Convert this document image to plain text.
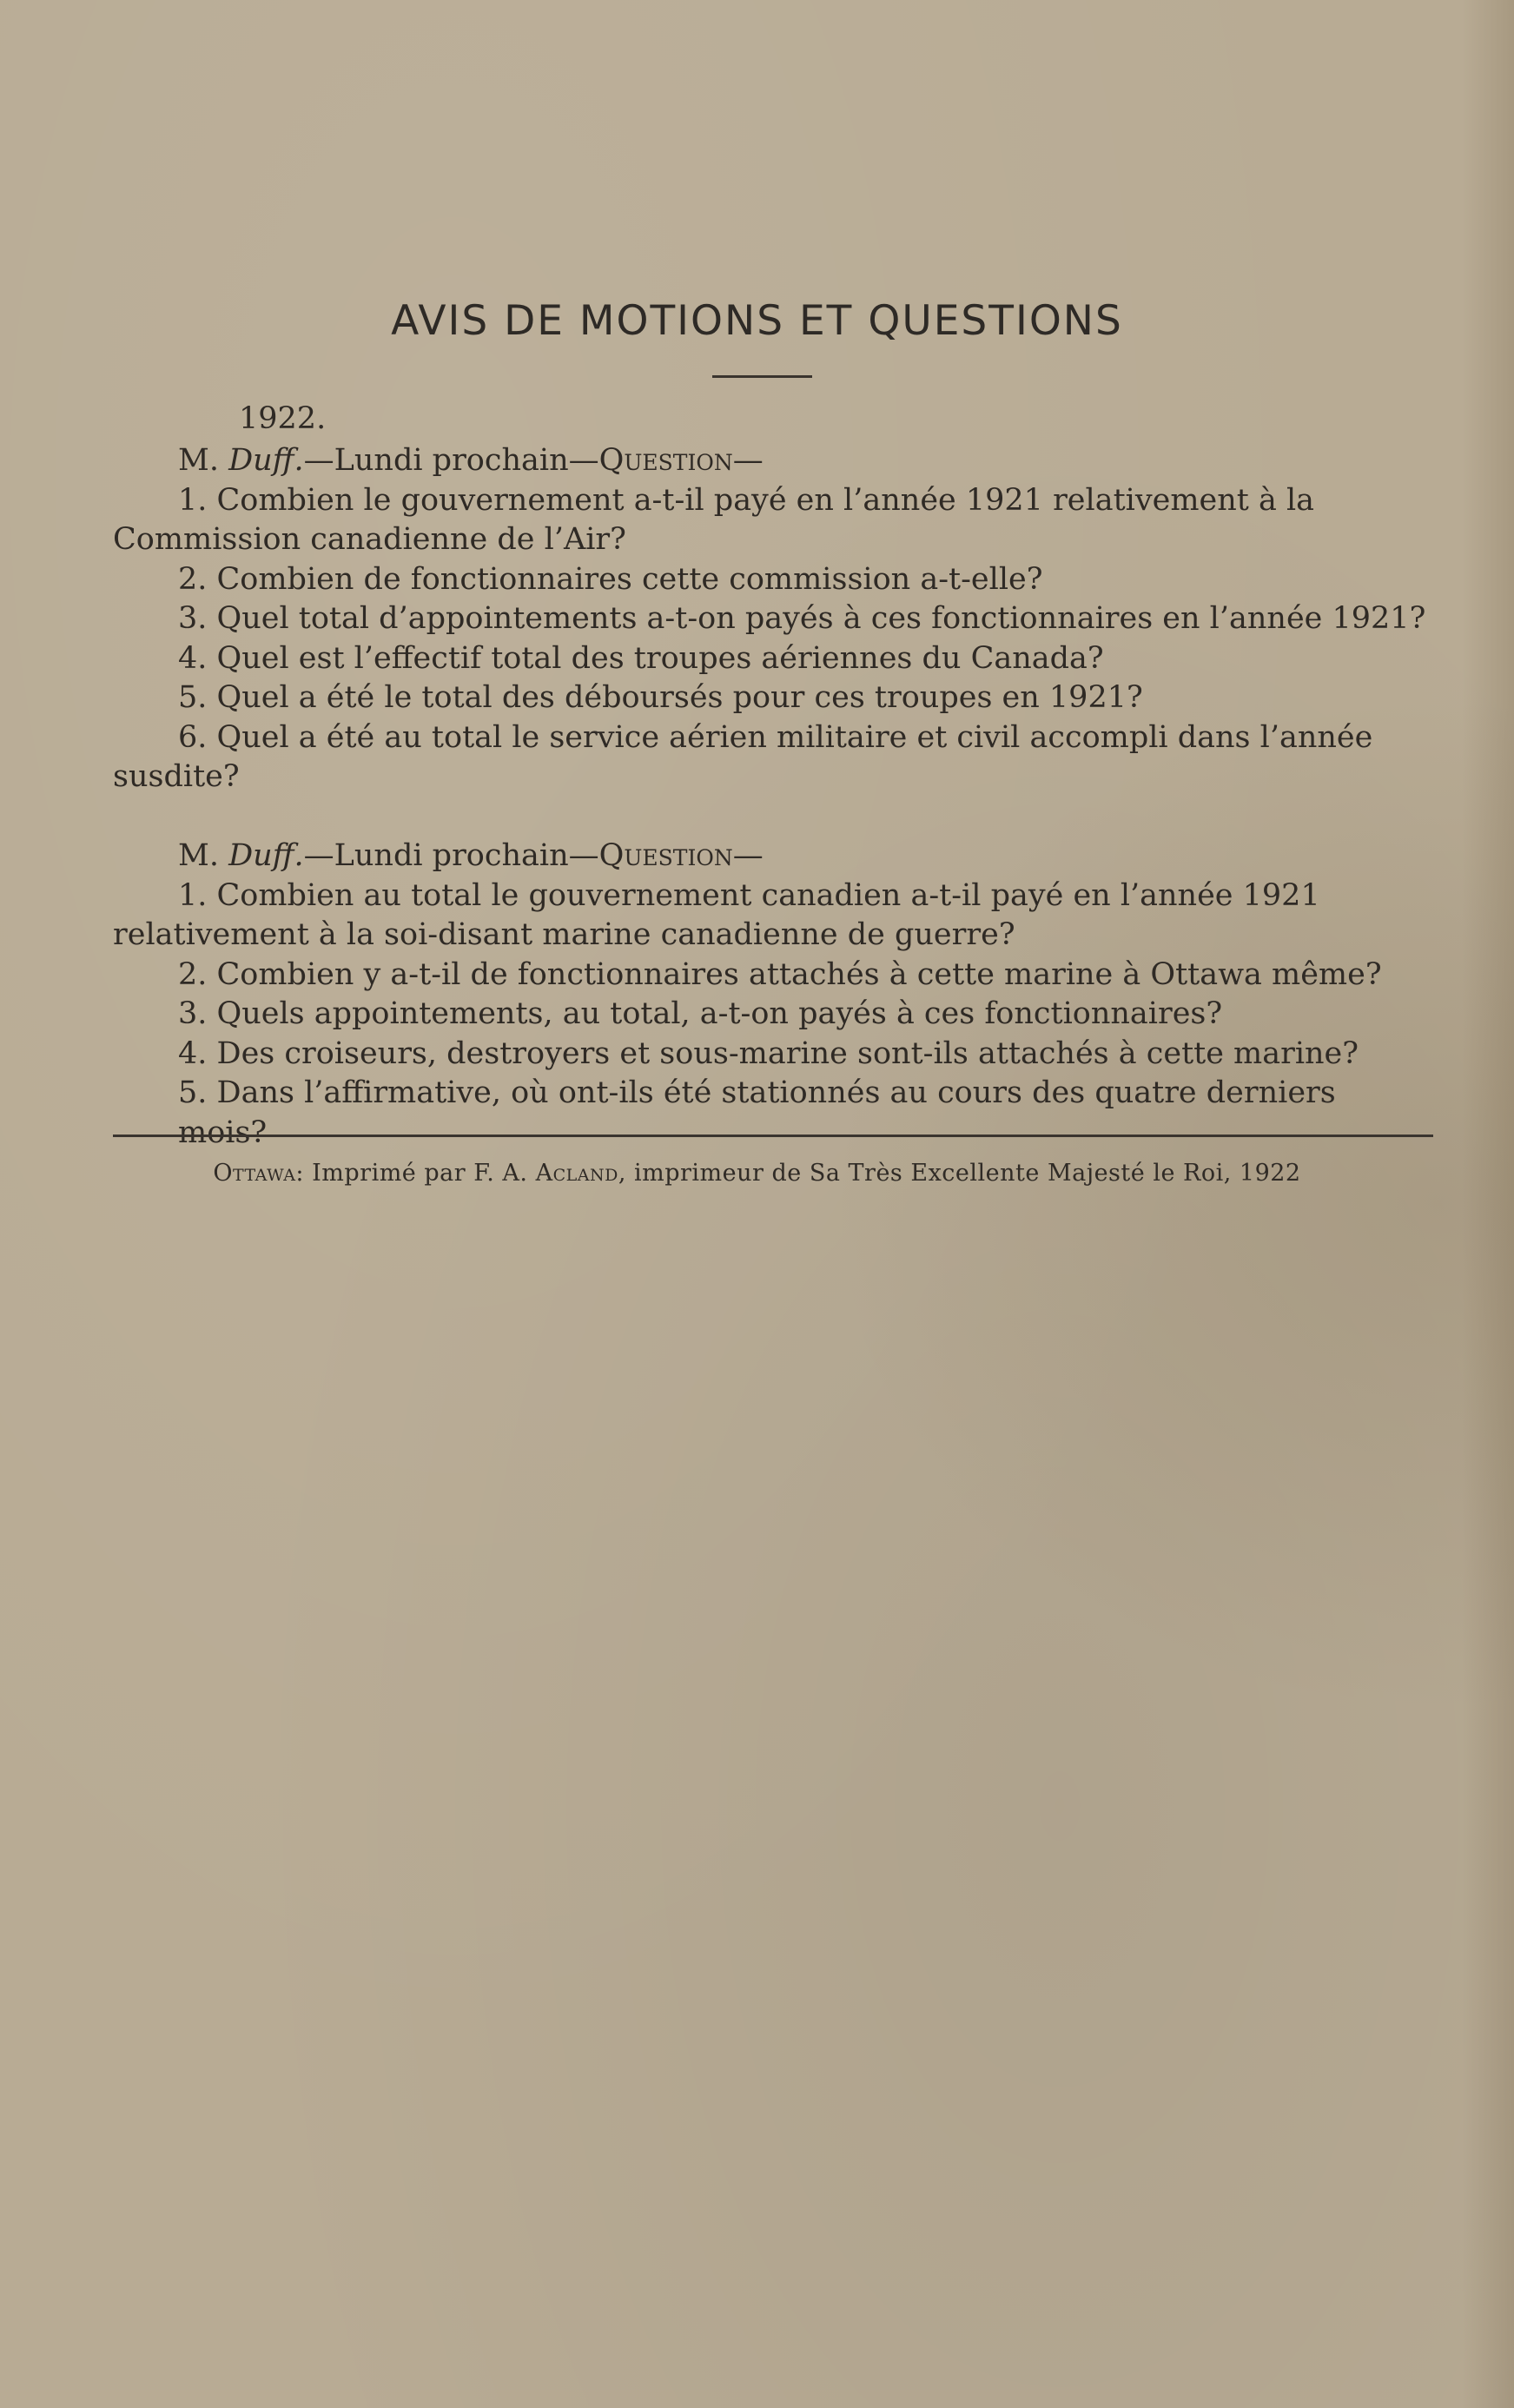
AVIS DE MOTIONS ET QUESTIONS
1922.

M. Duff.—Lundi prochain—Question—

1. Combien le gouvernement a-t-il payé en l’année 1921 relativement à la Commission canadienne de l’Air?

2. Combien de fonctionnaires cette commission a-t-elle?

3. Quel total d’appointements a-t-on payés à ces fonctionnaires en l’année 1921?

4. Quel est l’effectif total des troupes aériennes du Canada?

5. Quel a été le total des déboursés pour ces troupes en 1921?

6. Quel a été au total le service aérien militaire et civil accompli dans l’année susdite?

M. Duff.—Lundi prochain—Question—

1. Combien au total le gouvernement canadien a-t-il payé en l’année 1921 relativement à la soi-disant marine canadienne de guerre?

2. Combien y a-t-il de fonctionnaires attachés à cette marine à Ottawa même?

3. Quels appointements, au total, a-t-on payés à ces fonctionnaires?

4. Des croiseurs, destroyers et sous-marine sont-ils attachés à cette marine?

5. Dans l’affirmative, où ont-ils été stationnés au cours des quatre derniers mois?

Ottawa: Imprimé par F. A. Acland, imprimeur de Sa Très Excellente Majesté le Roi, 1922
